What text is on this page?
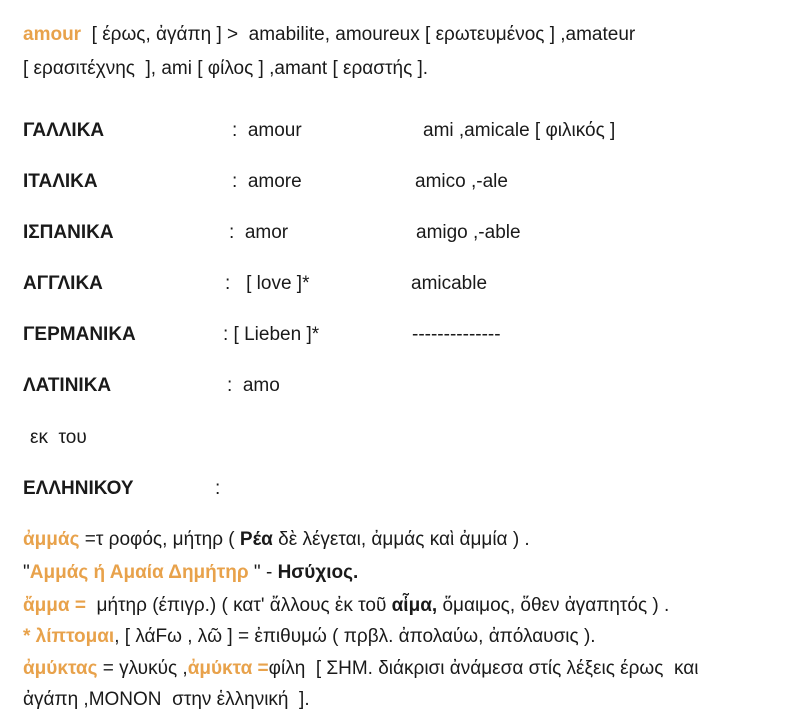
amour  [ έρως, ἀγάπη ] >  amabilite, amoureux [ ερωτευμένος ] ,amateur
[ ερασιτέχνης  ], ami [ φίλος ] ,amant [ εραστής ].
ΓΑΛΛΙΚΑ	:  amour	ami ,amicale [ φιλικός ]
ΙΤΑΛΙΚΑ	:  amore	amico ,-ale
ΙΣΠΑΝΙΚΑ	:  amor	amigo ,-able
ΑΓΓΛΙΚΑ	:   [ love ]*	amicable
ΓΕΡΜΑΝΙΚΑ	: [ Lieben ]*	--------------
ΛΑΤΙΝΙΚΑ	:  amo
εκ  του
ΕΛΛΗΝΙΚΟΥ	:
ἀμμάς =τ ροφός, μήτηρ ( Ρέα δὲ λέγεται, ἀμμάς καὶ ἀμμία ) .
"Αμμάς ή Αμαία Δημήτηρ " - Ησύχιος.
ἄμμα =  μήτηρ (έπιγρ.) ( κατ' ἄλλους ἐκ τοῦ αἷμα, ὅμαιμος, ὅθεν ἀγαπητός ) .
* λίπτομαι, [ λάFω , λῶ ] = ἐπιθυμώ ( πρβλ. ἀπολαύω, ἀπόλαυσις ).
ἀμύκτας = γλυκύς ,ἀμύκτα =φίλη  [ ΣΗΜ. διάκρισι ἀνάμεσα στίς λέξεις έρως  και
ἀγάπη ,ΜΟΝΟΝ  στην ἑλληνική  ].
